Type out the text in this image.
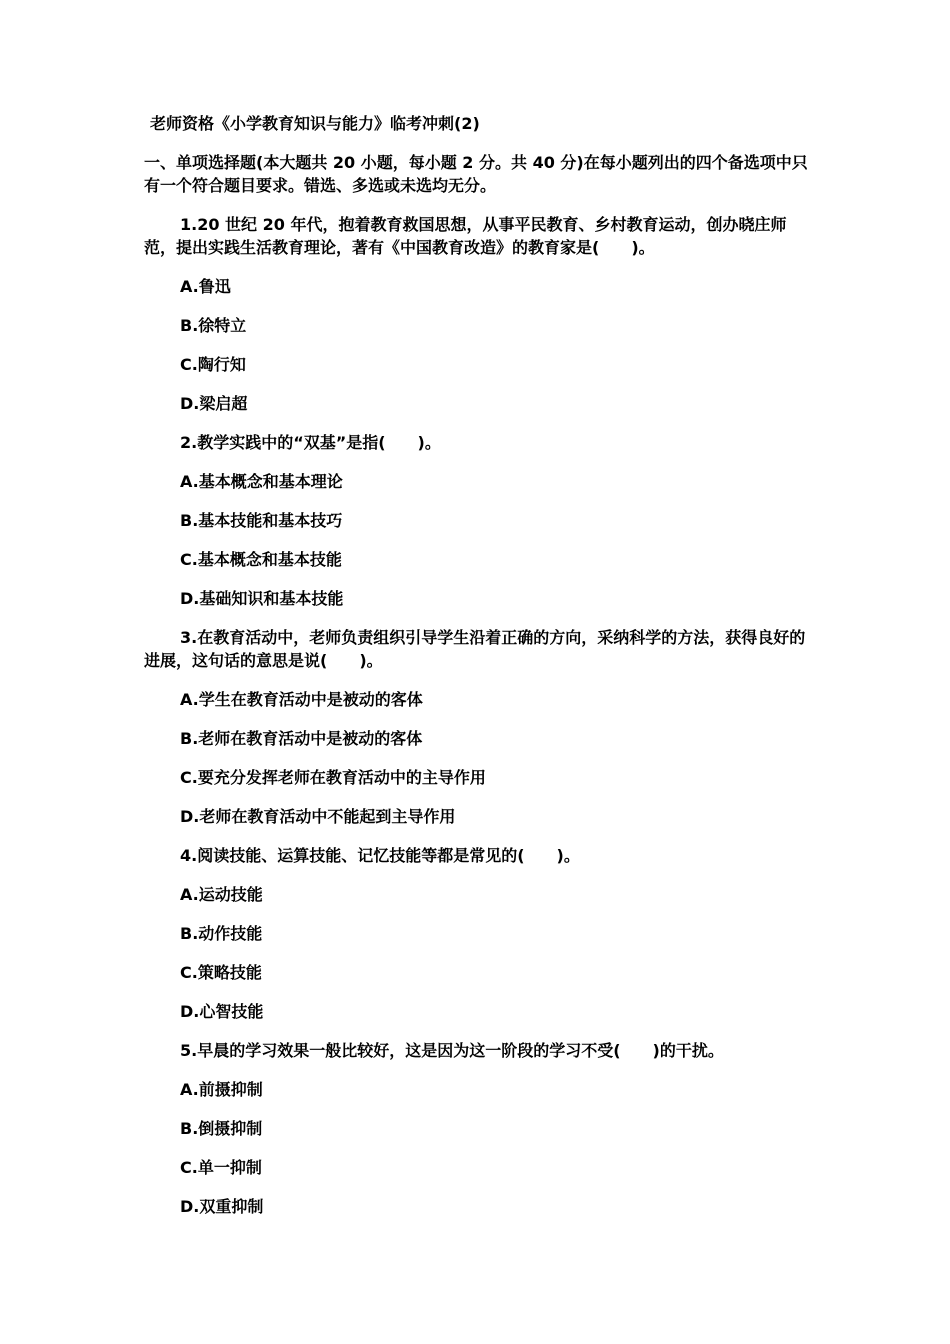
老师资格《小学教育知识与能力》临考冲刺(2)
一、单项选择题(本大题共 20 小题，每小题 2 分。共 40 分)在每小题列出的四个备选项中只有一个符合题目要求。错选、多选或未选均无分。
1.20 世纪 20 年代，抱着教育救国思想，从事平民教育、乡村教育运动，创办晓庄师范，提出实践生活教育理论，著有《中国教育改造》的教育家是(　　)。
A.鲁迅
B.徐特立
C.陶行知
D.梁启超
2.教学实践中的“双基”是指(　　)。
A.基本概念和基本理论
B.基本技能和基本技巧
C.基本概念和基本技能
D.基础知识和基本技能
3.在教育活动中，老师负责组织引导学生沿着正确的方向，采纳科学的方法，获得良好的进展，这句话的意思是说(　　)。
A.学生在教育活动中是被动的客体
B.老师在教育活动中是被动的客体
C.要充分发挥老师在教育活动中的主导作用
D.老师在教育活动中不能起到主导作用
4.阅读技能、运算技能、记忆技能等都是常见的(　　)。
A.运动技能
B.动作技能
C.策略技能
D.心智技能
5.早晨的学习效果一般比较好，这是因为这一阶段的学习不受(　　)的干扰。
A.前摄抑制
B.倒摄抑制
C.单一抑制
D.双重抑制
